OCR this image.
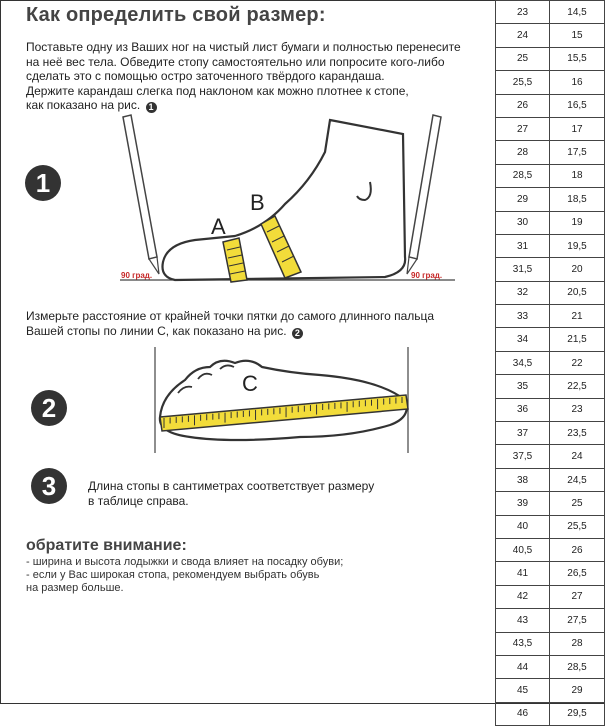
Как определить свой размер:
Поставьте одну из Ваших ног на чистый лист бумаги и полностью перенесите
на неё вес тела. Обведите стопу самостоятельно или попросите кого-либо
сделать это с помощью остро заточенного твёрдого карандаша.
Держите карандаш слегка под наклоном как можно плотнее к стопе,
как показано на рис. 1
A
B
90 град.	90 град.
1
Измерьте расстояние от крайней точки пятки до самого длинного пальца
Вашей стопы по линии С, как показано на рис. 2
C
2
3	Длина стопы в сантиметрах соответствует размеру
в таблице справа.
обратите внимание:
- ширина и высота лодыжки и свода влияет на посадку обуви;
- если у Вас широкая стопа, рекомендуем выбрать обувь
на размер больше.
23	14,5
24	15
25	15,5
25,5	16
26	16,5
27	17
28	17,5
28,5	18
29	18,5
30	19
31	19,5
31,5	20
32	20,5
33	21
34	21,5
34,5	22
35	22,5
36	23
37	23,5
37,5	24
38	24,5
39	25
40	25,5
40,5	26
41	26,5
42	27
43	27,5
43,5	28
44	28,5
45	29
46	29,5
